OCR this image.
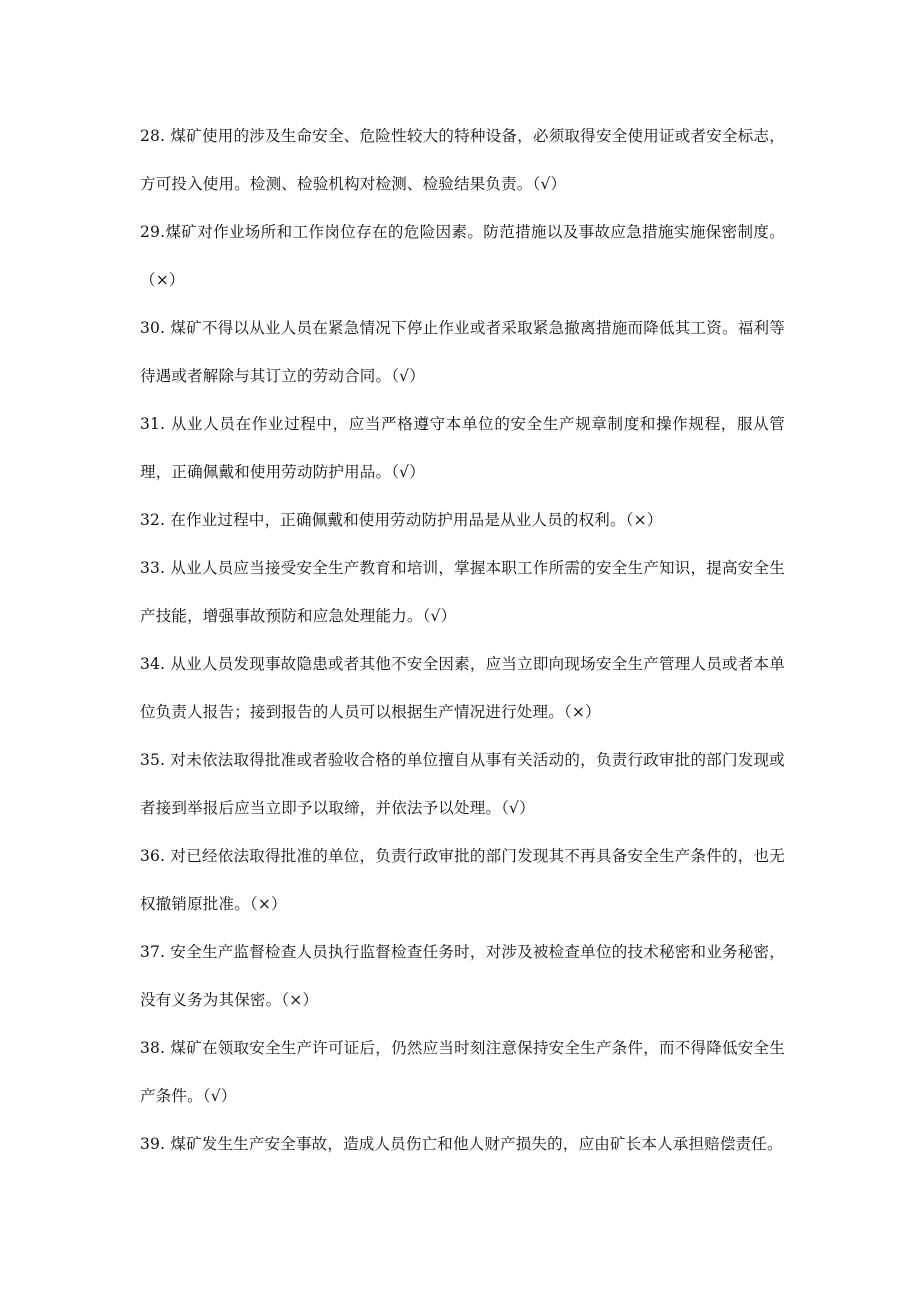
28. 煤矿使用的涉及生命安全、危险性较大的特种设备，必须取得安全使用证或者安全标志，方可投入使用。检测、检验机构对检测、检验结果负责。（√）

29.煤矿对作业场所和工作岗位存在的危险因素。防范措施以及事故应急措施实施保密制度。（×）

30. 煤矿不得以从业人员在紧急情况下停止作业或者采取紧急撤离措施而降低其工资。福利等待遇或者解除与其订立的劳动合同。（√）

31. 从业人员在作业过程中，应当严格遵守本单位的安全生产规章制度和操作规程，服从管理，正确佩戴和使用劳动防护用品。（√）

32. 在作业过程中，正确佩戴和使用劳动防护用品是从业人员的权利。（×）

33. 从业人员应当接受安全生产教育和培训，掌握本职工作所需的安全生产知识，提高安全生产技能，增强事故预防和应急处理能力。（√）

34. 从业人员发现事故隐患或者其他不安全因素，应当立即向现场安全生产管理人员或者本单位负责人报告；接到报告的人员可以根据生产情况进行处理。（×）

35. 对未依法取得批准或者验收合格的单位擅自从事有关活动的，负责行政审批的部门发现或者接到举报后应当立即予以取缔，并依法予以处理。（√）

36. 对已经依法取得批准的单位，负责行政审批的部门发现其不再具备安全生产条件的，也无权撤销原批准。（×）

37. 安全生产监督检查人员执行监督检查任务时，对涉及被检查单位的技术秘密和业务秘密，没有义务为其保密。（×）

38. 煤矿在领取安全生产许可证后，仍然应当时刻注意保持安全生产条件，而不得降低安全生产条件。（√）

39. 煤矿发生生产安全事故，造成人员伤亡和他人财产损失的，应由矿长本人承担赔偿责任。
